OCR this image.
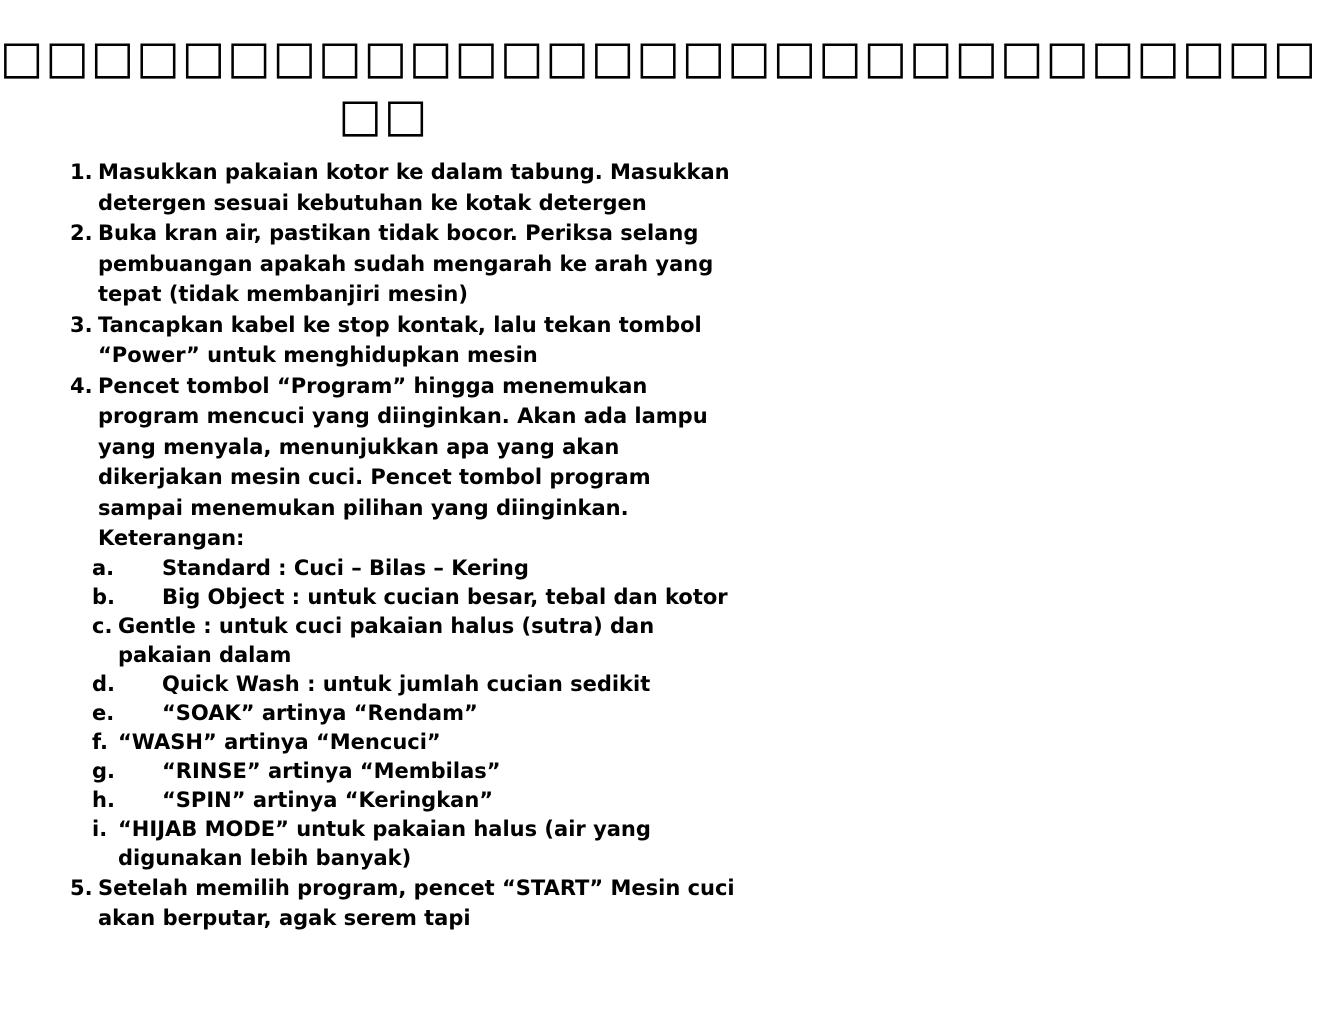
□□□□□□□□□□□□□□□□□□□□□□□□□□□□□
□□
1. Masukkan pakaian kotor ke dalam tabung. Masukkan detergen sesuai kebutuhan ke kotak detergen
2. Buka kran air, pastikan tidak bocor. Periksa selang pembuangan apakah sudah mengarah ke arah yang tepat (tidak membanjiri mesin)
3. Tancapkan kabel ke stop kontak, lalu tekan tombol “Power” untuk menghidupkan mesin
4. Pencet tombol “Program” hingga menemukan program mencuci yang diinginkan. Akan ada lampu yang menyala, menunjukkan apa yang akan dikerjakan mesin cuci. Pencet tombol program sampai menemukan pilihan yang diinginkan. Keterangan:
a. Standard : Cuci – Bilas – Kering
b. Big Object : untuk cucian besar, tebal dan kotor
c. Gentle : untuk cuci pakaian halus (sutra) dan pakaian dalam
d. Quick Wash : untuk jumlah cucian sedikit
e. “SOAK” artinya “Rendam”
f. “WASH” artinya “Mencuci”
g. “RINSE” artinya “Membilas”
h. “SPIN” artinya “Keringkan”
i. “HIJAB MODE” untuk pakaian halus (air yang digunakan lebih banyak)
5. Setelah memilih program, pencet “START” Mesin cuci akan berputar, agak serem tapi
